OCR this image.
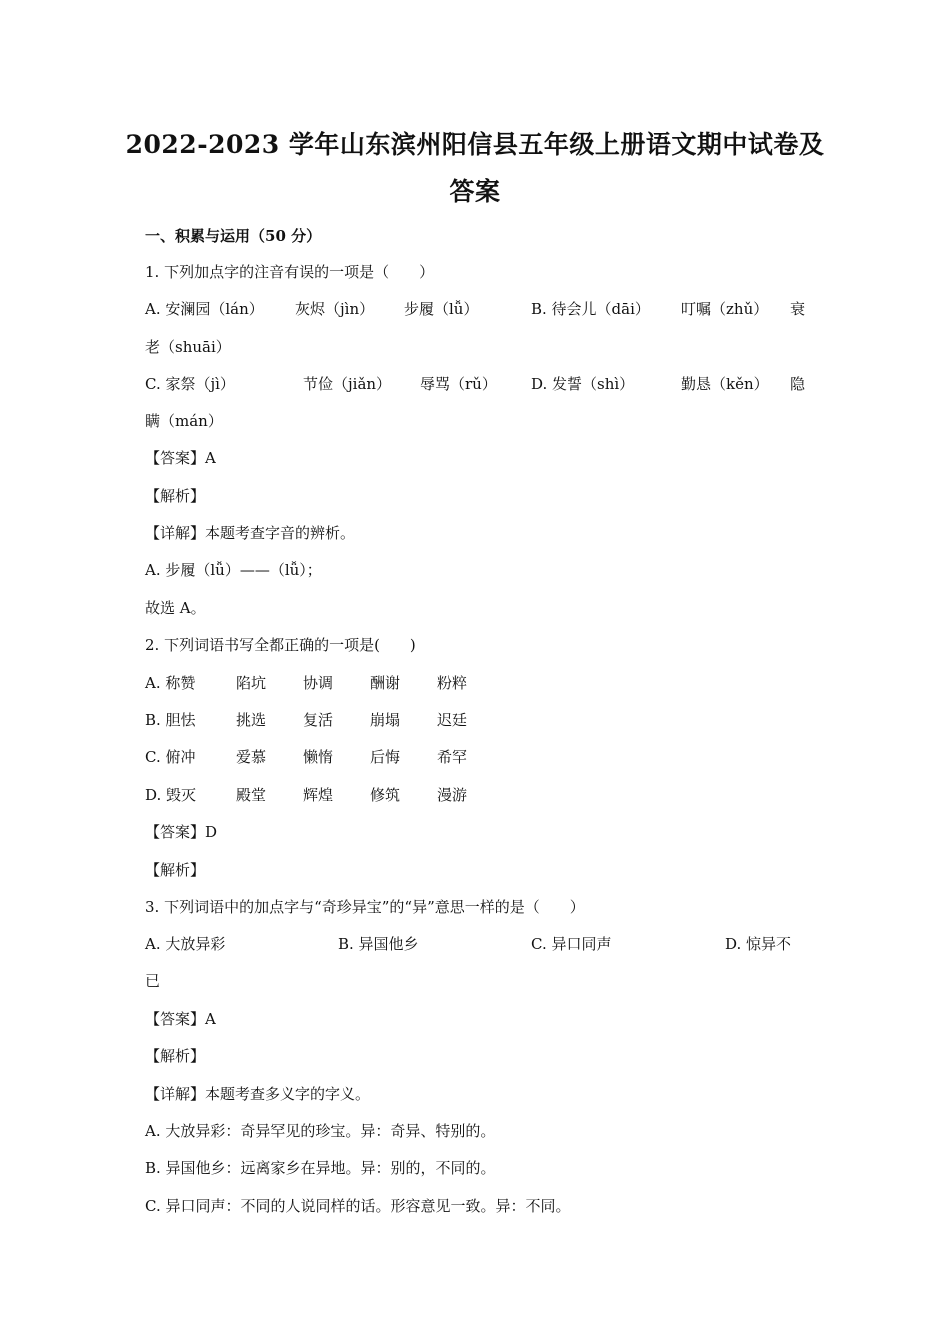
2022-2023 学年山东滨州阳信县五年级上册语文期中试卷及
答案
一、积累与运用（50 分）
1. 下列加点字的注音有误的一项是（　　）
A. 安澜园（lán） 灰烬（jìn） 步履（lǚ）	B. 待会儿（dāi） 叮嘱（zhǔ） 衰
老（shuāi）
C. 家祭（jì）	节俭（jiǎn） 辱骂（rǔ） D. 发誓（shì）	勤恳（kěn） 隐
瞒（mán）
【答案】A
【解析】
【详解】本题考查字音的辨析。
A. 步履（lǚ）——（lǚ）；
故选 A。
2. 下列词语书写全都正确的一项是(　　)
A. 称赞	陷坑 协调 酬谢 粉粹
B. 胆怯	挑选 复活 崩塌 迟廷
C. 俯冲	爱慕 懒惰 后悔 希罕
D. 毁灭	殿堂 辉煌 修筑 漫游
【答案】D
【解析】
3. 下列词语中的加点字与“奇珍异宝”的“异”意思一样的是（　　）
A. 大放异彩	B. 异国他乡	C. 异口同声	D. 惊异不
已
【答案】A
【解析】
【详解】本题考查多义字的字义。
A. 大放异彩：奇异罕见的珍宝。异：奇异、特别的。
B. 异国他乡：远离家乡在异地。异：别的，不同的。
C. 异口同声：不同的人说同样的话。形容意见一致。异：不同。
